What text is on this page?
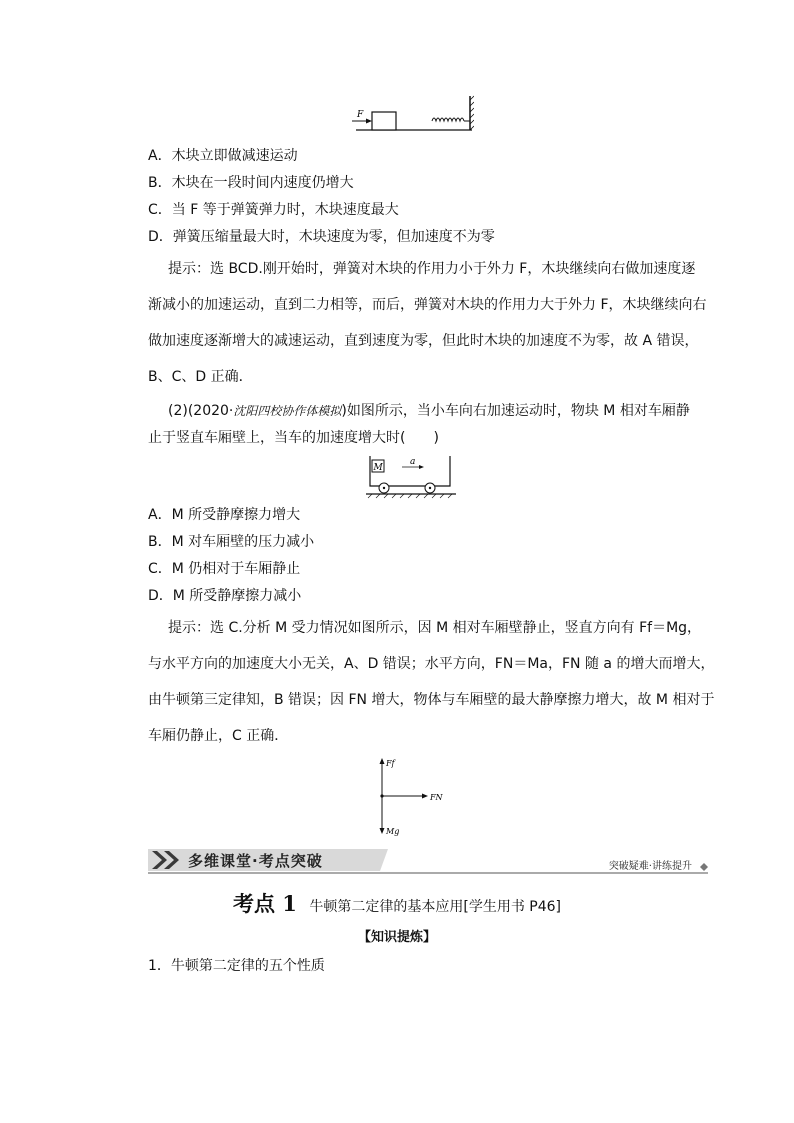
F
A．木块立即做减速运动
B．木块在一段时间内速度仍增大
C．当 F 等于弹簧弹力时，木块速度最大
D．弹簧压缩量最大时，木块速度为零，但加速度不为零
提示：选 BCD.刚开始时，弹簧对木块的作用力小于外力 F，木块继续向右做加速度逐
渐减小的加速运动，直到二力相等，而后，弹簧对木块的作用力大于外力 F，木块继续向右
做加速度逐渐增大的减速运动，直到速度为零，但此时木块的加速度不为零，故 A 错误，
B、C、D 正确．
(2)(2020·沈阳四校协作体模拟)如图所示，当小车向右加速运动时，物块 M 相对车厢静
止于竖直车厢壁上，当车的加速度增大时(　　)
M
a
A．M 所受静摩擦力增大
B．M 对车厢壁的压力减小
C．M 仍相对于车厢静止
D．M 所受静摩擦力减小
提示：选 C.分析 M 受力情况如图所示，因 M 相对车厢壁静止，竖直方向有 Ff＝Mg，
与水平方向的加速度大小无关，A、D 错误；水平方向，FN＝Ma，FN 随 a 的增大而增大，
由牛顿第三定律知，B 错误；因 FN 增大，物体与车厢壁的最大静摩擦力增大，故 M 相对于
车厢仍静止，C 正确．
Ff
FN
Mg
多维课堂·考点突破	突破疑难·讲练提升
考点 1 牛顿第二定律的基本应用[学生用书 P46]
【知识提炼】
1．牛顿第二定律的五个性质
